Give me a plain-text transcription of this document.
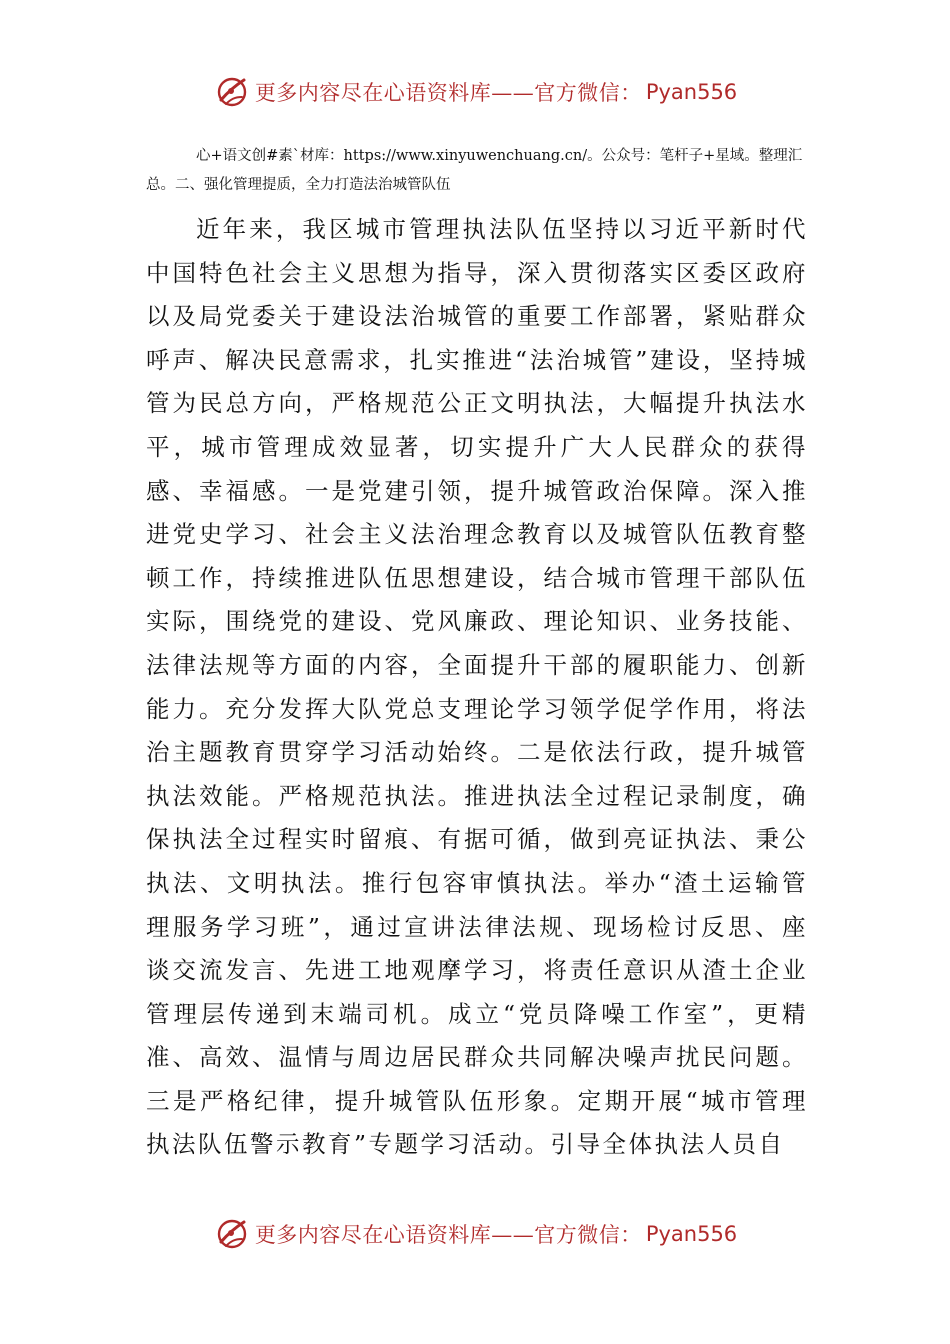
更多内容尽在心语资料库——官方微信： Pyan556

心+语文创#素`材库：https://www.xinyuwenchuang.cn/。公众号：笔杆子+星域。整理汇总。二、强化管理提质，全力打造法治城管队伍

近年来，我区城市管理执法队伍坚持以习近平新时代中国特色社会主义思想为指导，深入贯彻落实区委区政府以及局党委关于建设法治城管的重要工作部署，紧贴群众呼声、解决民意需求，扎实推进“法治城管”建设，坚持城管为民总方向，严格规范公正文明执法，大幅提升执法水平，城市管理成效显著，切实提升广大人民群众的获得感、幸福感。一是党建引领，提升城管政治保障。深入推进党史学习、社会主义法治理念教育以及城管队伍教育整顿工作，持续推进队伍思想建设，结合城市管理干部队伍实际，围绕党的建设、党风廉政、理论知识、业务技能、法律法规等方面的内容，全面提升干部的履职能力、创新能力。充分发挥大队党总支理论学习领学促学作用，将法治主题教育贯穿学习活动始终。二是依法行政，提升城管执法效能。严格规范执法。推进执法全过程记录制度，确保执法全过程实时留痕、有据可循，做到亮证执法、秉公执法、文明执法。推行包容审慎执法。举办“渣土运输管理服务学习班”，通过宣讲法律法规、现场检讨反思、座谈交流发言、先进工地观摩学习，将责任意识从渣土企业管理层传递到末端司机。成立“党员降噪工作室”，更精准、高效、温情与周边居民群众共同解决噪声扰民问题。三是严格纪律，提升城管队伍形象。定期开展“城市管理执法队伍警示教育”专题学习活动。引导全体执法人员自

更多内容尽在心语资料库——官方微信： Pyan556
